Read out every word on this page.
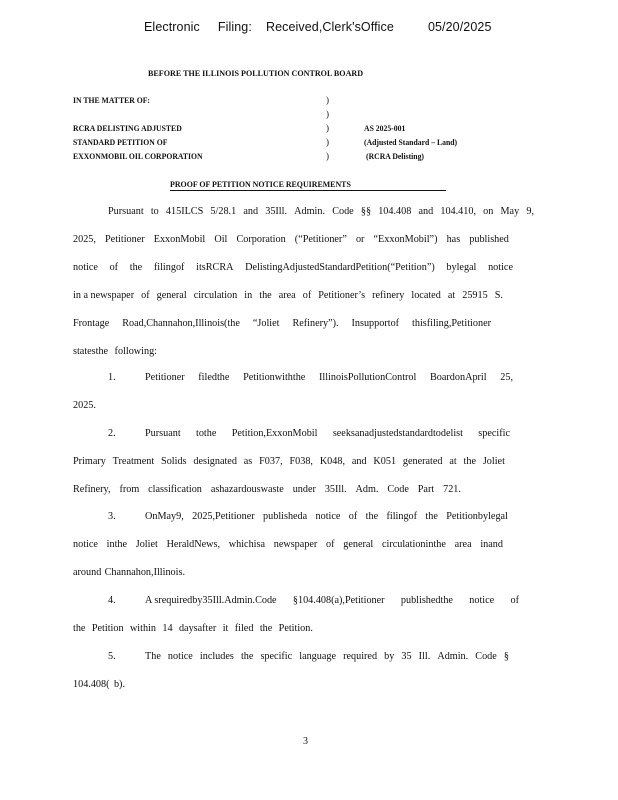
Electronic Filing: Received,Clerk'sOffice	05/20/2025
BEFORE THE ILLINOIS POLLUTION CONTROL BOARD
IN THE MATTER OF:	)
)
RCRA DELISTING ADJUSTED	)	AS 2025-001
STANDARD PETITION OF	)	(Adjusted Standard – Land)
EXXONMOBIL OIL CORPORATION	)	(RCRA Delisting)
PROOF OF PETITION NOTICE REQUIREMENTS
Pursuant to 415ILCS 5/28.1 and 35Ill. Admin. Code §§ 104.408 and 104.410, on May 9,
2025, Petitioner ExxonMobil Oil Corporation (“Petitioner” or “ExxonMobil”) has published
notice of the filingof itsRCRA DelistingAdjustedStandardPetition(“Petition”) bylegal notice
in a newspaper of general circulation in the area of Petitioner’s refinery located at 25915 S.
Frontage Road,Channahon,Illinois(the “Joliet Refinery”). Insupportof thisfiling,Petitioner
statesthe following:
1.	Petitioner filedthe Petitionwiththe IllinoisPollutionControl BoardonApril 25,
2025.
2.	Pursuant tothe Petition,ExxonMobil seeksanadjustedstandardtodelist specific
Primary Treatment Solids designated as F037, F038, K048, and K051 generated at the Joliet
Refinery, from classification ashazardouswaste under 35Ill. Adm. Code Part 721.
3.	OnMay9, 2025,Petitioner publisheda notice of the filingof the Petitionbylegal
notice inthe Joliet HeraldNews, whichisa newspaper of general circulationinthe area inand
around Channahon,Illinois.
4.	A srequiredby35Ill.Admin.Code §104.408(a),Petitioner publishedthe notice of
the Petition within 14 daysafter it filed the Petition.
5.	The notice includes the specific language required by 35 Ill. Admin. Code §
104.408( b).
3
